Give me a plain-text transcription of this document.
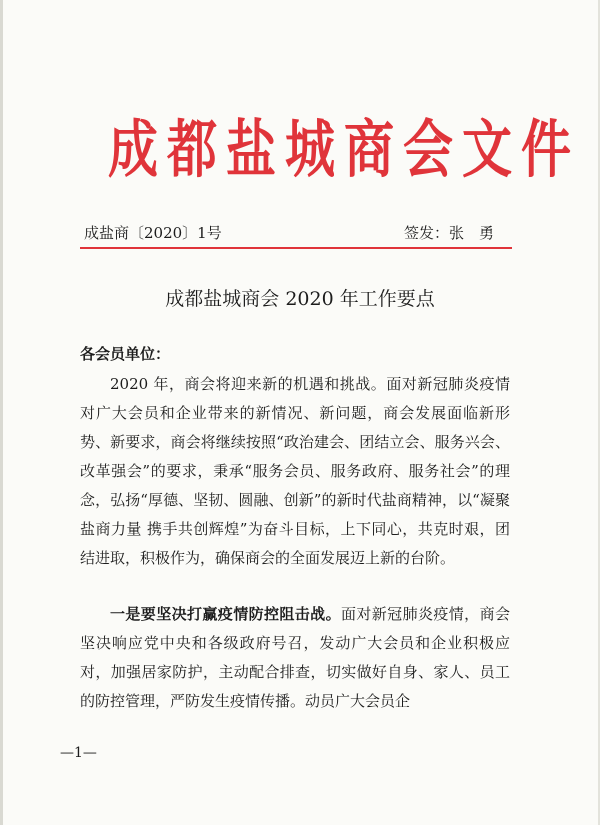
成都盐城商会文件
成盐商〔2020〕1号	签发：张　勇
成都盐城商会 2020 年工作要点
各会员单位：

2020 年，商会将迎来新的机遇和挑战。面对新冠肺炎疫情对广大会员和企业带来的新情况、新问题，商会发展面临新形势、新要求，商会将继续按照“政治建会、团结立会、服务兴会、改革强会”的要求，秉承“服务会员、服务政府、服务社会”的理念，弘扬“厚德、坚韧、圆融、创新”的新时代盐商精神，以“凝聚盐商力量 携手共创辉煌”为奋斗目标，上下同心，共克时艰，团结进取，积极作为，确保商会的全面发展迈上新的台阶。

一是要坚决打赢疫情防控阻击战。面对新冠肺炎疫情，商会坚决响应党中央和各级政府号召，发动广大会员和企业积极应对，加强居家防护，主动配合排查，切实做好自身、家人、员工的防控管理，严防发生疫情传播。动员广大会员企

—1—
